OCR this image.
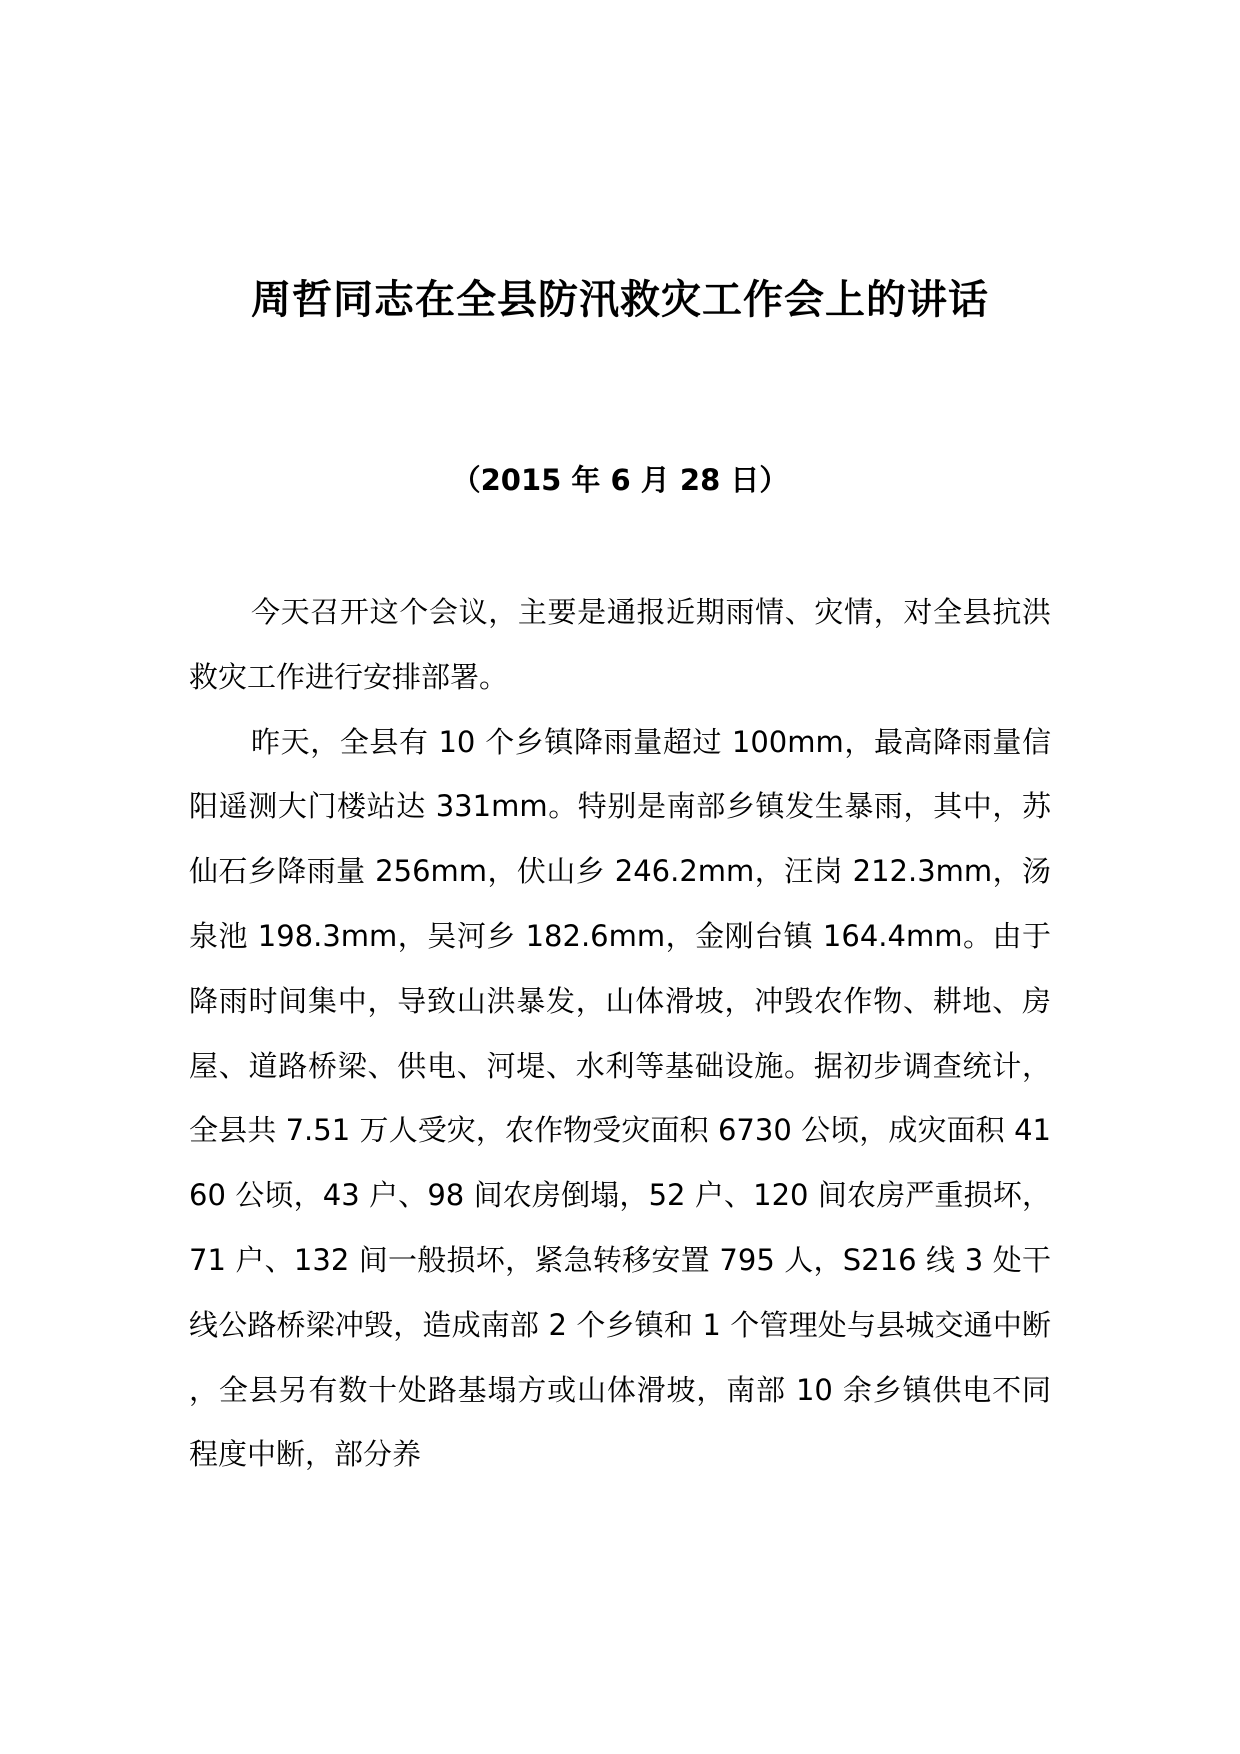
周哲同志在全县防汛救灾工作会上的讲话
（2015 年 6 月 28 日）

今天召开这个会议，主要是通报近期雨情、灾情，对全县抗洪救灾工作进行安排部署。

昨天，全县有 10 个乡镇降雨量超过 100mm，最高降雨量信阳遥测大门楼站达 331mm。特别是南部乡镇发生暴雨，其中，苏仙石乡降雨量 256mm，伏山乡 246.2mm，汪岗 212.3mm，汤泉池 198.3mm，吴河乡 182.6mm，金刚台镇 164.4mm。由于降雨时间集中，导致山洪暴发，山体滑坡，冲毁农作物、耕地、房屋、道路桥梁、供电、河堤、水利等基础设施。据初步调查统计，全县共 7.51 万人受灾，农作物受灾面积 6730 公顷，成灾面积 4160 公顷，43 户、98 间农房倒塌，52 户、120 间农房严重损坏，71 户、132 间一般损坏，紧急转移安置 795 人，S216 线 3 处干线公路桥梁冲毁，造成南部 2 个乡镇和 1 个管理处与县城交通中断，全县另有数十处路基塌方或山体滑坡，南部 10 余乡镇供电不同程度中断，部分养
